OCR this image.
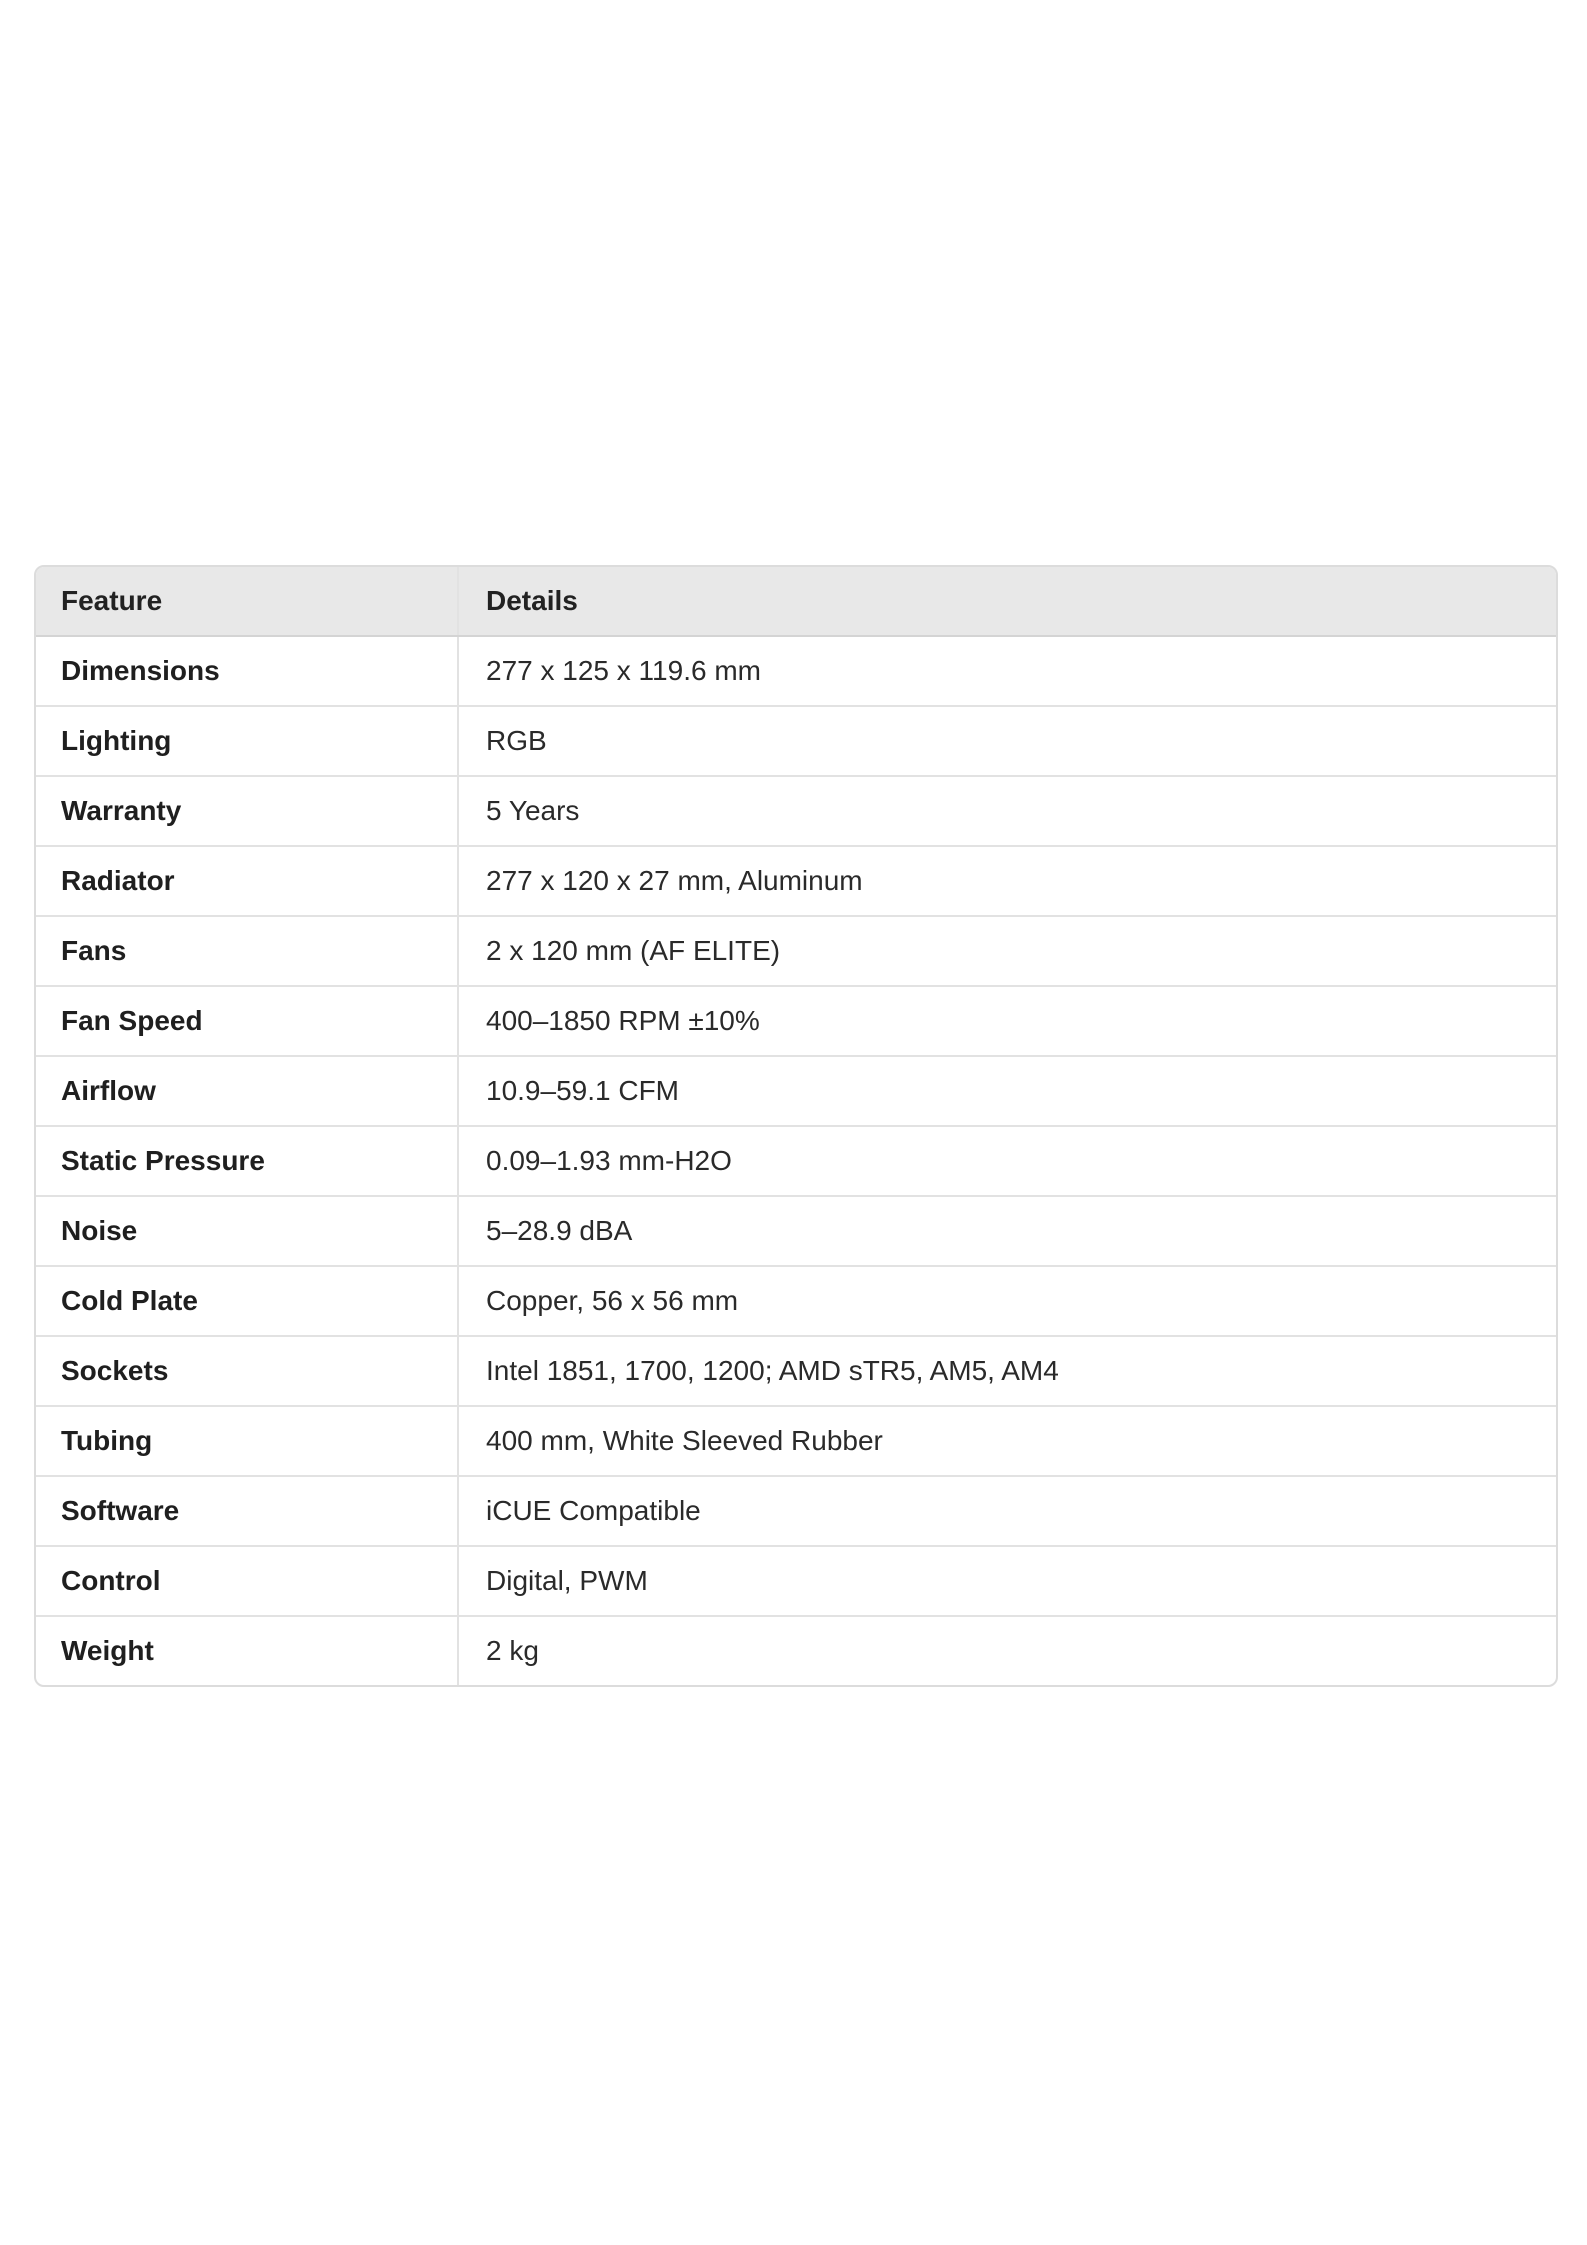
Feature	Details
Dimensions	277 x 125 x 119.6 mm
Lighting	RGB
Warranty	5 Years
Radiator	277 x 120 x 27 mm, Aluminum
Fans	2 x 120 mm (AF ELITE)
Fan Speed	400–1850 RPM ±10%
Airflow	10.9–59.1 CFM
Static Pressure	0.09–1.93 mm-H2O
Noise	5–28.9 dBA
Cold Plate	Copper, 56 x 56 mm
Sockets	Intel 1851, 1700, 1200; AMD sTR5, AM5, AM4
Tubing	400 mm, White Sleeved Rubber
Software	iCUE Compatible
Control	Digital, PWM
Weight	2 kg
